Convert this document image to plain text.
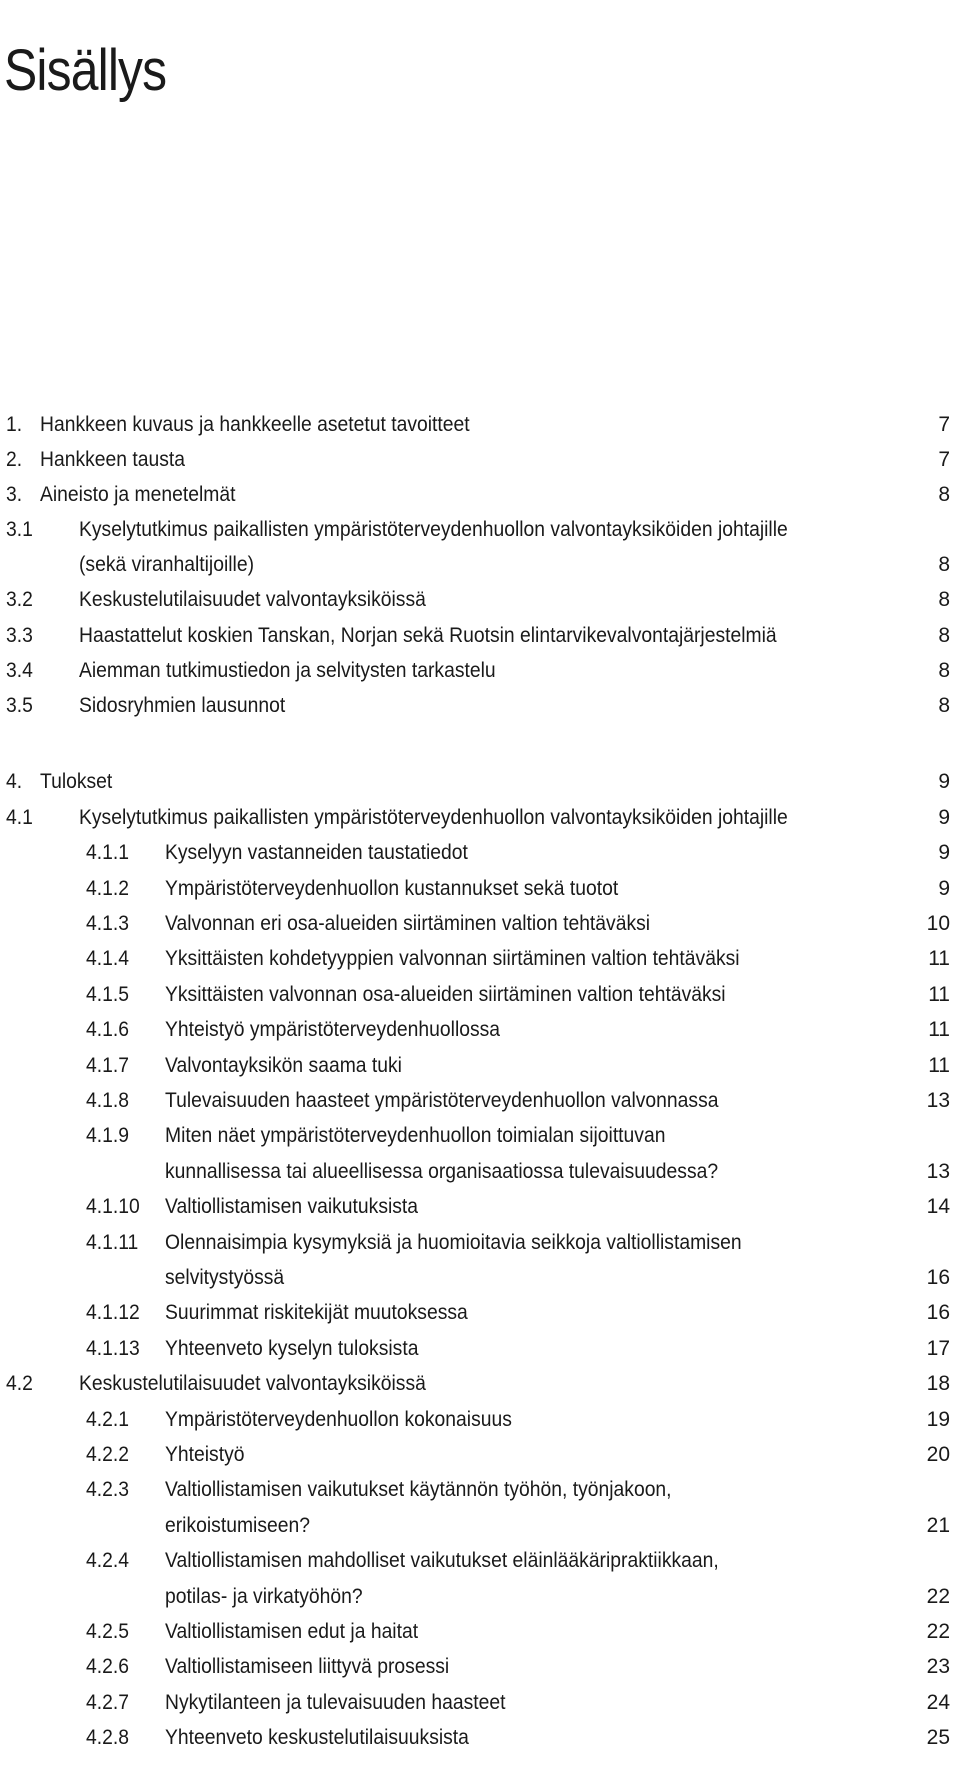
Sisällys
1. Hankkeen kuvaus ja hankkeelle asetetut tavoitteet	7
2. Hankkeen tausta	7
3. Aineisto ja menetelmät	8
3.1 Kyselytutkimus paikallisten ympäristöterveydenhuollon valvontayksiköiden johtajille
(sekä viranhaltijoille)	8
3.2 Keskustelutilaisuudet valvontayksiköissä	8
3.3 Haastattelut koskien Tanskan, Norjan sekä Ruotsin elintarvikevalvontajärjestelmiä	8
3.4 Aiemman tutkimustiedon ja selvitysten tarkastelu	8
3.5 Sidosryhmien lausunnot	8
4. Tulokset	9
4.1 Kyselytutkimus paikallisten ympäristöterveydenhuollon valvontayksiköiden johtajille	9
4.1.1 Kyselyyn vastanneiden taustatiedot	9
4.1.2 Ympäristöterveydenhuollon kustannukset sekä tuotot	9
4.1.3 Valvonnan eri osa-alueiden siirtäminen valtion tehtäväksi	10
4.1.4 Yksittäisten kohdetyyppien valvonnan siirtäminen valtion tehtäväksi	11
4.1.5 Yksittäisten valvonnan osa-alueiden siirtäminen valtion tehtäväksi	11
4.1.6 Yhteistyö ympäristöterveydenhuollossa	11
4.1.7 Valvontayksikön saama tuki	11
4.1.8 Tulevaisuuden haasteet ympäristöterveydenhuollon valvonnassa	13
4.1.9 Miten näet ympäristöterveydenhuollon toimialan sijoittuvan
kunnallisessa tai alueellisessa organisaatiossa tulevaisuudessa?	13
4.1.10 Valtiollistamisen vaikutuksista	14
4.1.11 Olennaisimpia kysymyksiä ja huomioitavia seikkoja valtiollistamisen
selvitystyössä	16
4.1.12 Suurimmat riskitekijät muutoksessa	16
4.1.13 Yhteenveto kyselyn tuloksista	17
4.2 Keskustelutilaisuudet valvontayksiköissä	18
4.2.1 Ympäristöterveydenhuollon kokonaisuus	19
4.2.2 Yhteistyö	20
4.2.3 Valtiollistamisen vaikutukset käytännön työhön, työnjakoon,
erikoistumiseen?	21
4.2.4 Valtiollistamisen mahdolliset vaikutukset eläinlääkäripraktiikkaan,
potilas- ja virkatyöhön?	22
4.2.5 Valtiollistamisen edut ja haitat	22
4.2.6 Valtiollistamiseen liittyvä prosessi	23
4.2.7 Nykytilanteen ja tulevaisuuden haasteet	24
4.2.8 Yhteenveto keskustelutilaisuuksista	25
